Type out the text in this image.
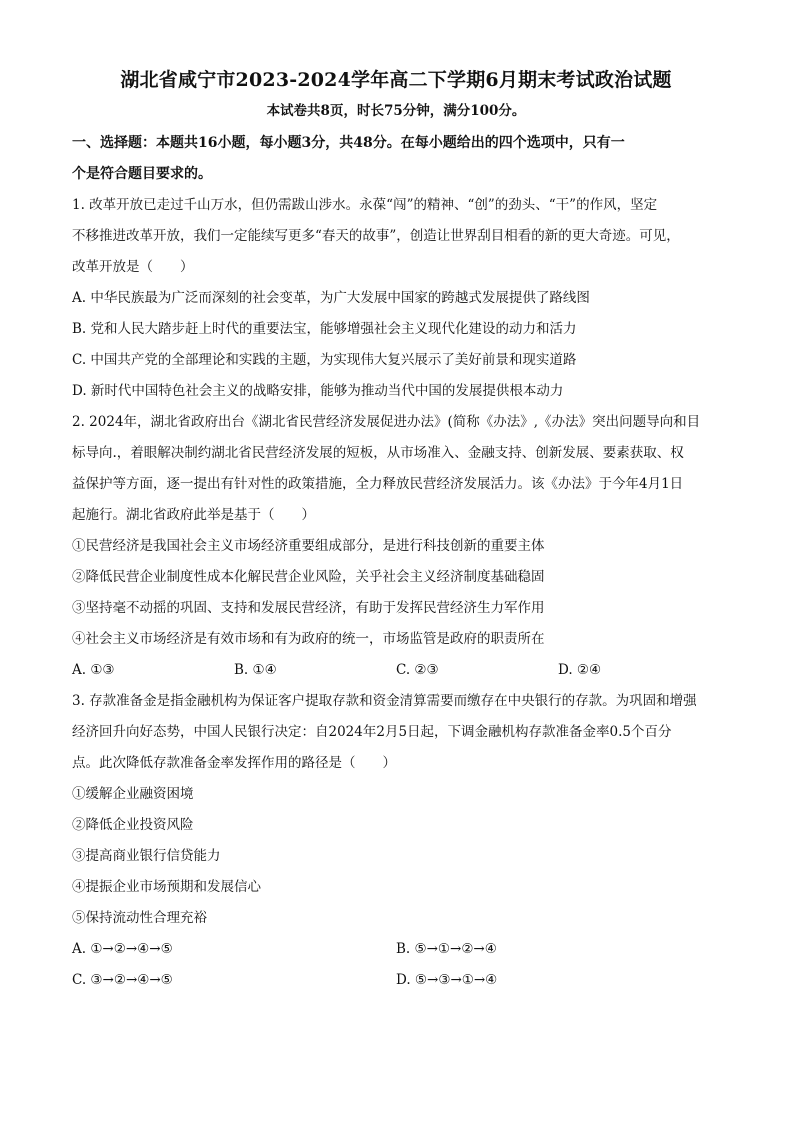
湖北省咸宁市2023-2024学年高二下学期6月期末考试政治试题
本试卷共8页，时长75分钟，满分100分。
一、选择题：本题共16小题，每小题3分，共48分。在每小题给出的四个选项中，只有一
个是符合题目要求的。
1. 改革开放已走过千山万水，但仍需跋山涉水。永葆“闯”的精神、“创”的劲头、“干”的作风，坚定
不移推进改革开放，我们一定能续写更多“春天的故事”，创造让世界刮目相看的新的更大奇迹。可见，
改革开放是（　　）
A. 中华民族最为广泛而深刻的社会变革，为广大发展中国家的跨越式发展提供了路线图
B. 党和人民大踏步赶上时代的重要法宝，能够增强社会主义现代化建设的动力和活力
C. 中国共产党的全部理论和实践的主题，为实现伟大复兴展示了美好前景和现实道路
D. 新时代中国特色社会主义的战略安排，能够为推动当代中国的发展提供根本动力
2. 2024年，湖北省政府出台《湖北省民营经济发展促进办法》(简称《办法》,《办法》突出问题导向和目
标导向.，着眼解决制约湖北省民营经济发展的短板，从市场准入、金融支持、创新发展、要素获取、权
益保护等方面，逐一提出有针对性的政策措施，全力释放民营经济发展活力。该《办法》于今年4月1日
起施行。湖北省政府此举是基于（　　）
①民营经济是我国社会主义市场经济重要组成部分，是进行科技创新的重要主体
②降低民营企业制度性成本化解民营企业风险，关乎社会主义经济制度基础稳固
③坚持毫不动摇的巩固、支持和发展民营经济，有助于发挥民营经济生力军作用
④社会主义市场经济是有效市场和有为政府的统一，市场监管是政府的职责所在
A. ①③	B. ①④	C. ②③	D. ②④
3. 存款准备金是指金融机构为保证客户提取存款和资金清算需要而缴存在中央银行的存款。为巩固和增强
经济回升向好态势，中国人民银行决定：自2024年2月5日起，下调金融机构存款准备金率0.5个百分
点。此次降低存款准备金率发挥作用的路径是（　　）
①缓解企业融资困境
②降低企业投资风险
③提高商业银行信贷能力
④提振企业市场预期和发展信心
⑤保持流动性合理充裕
A. ①→②→④→⑤	B. ⑤→①→②→④
C. ③→②→④→⑤	D. ⑤→③→①→④
